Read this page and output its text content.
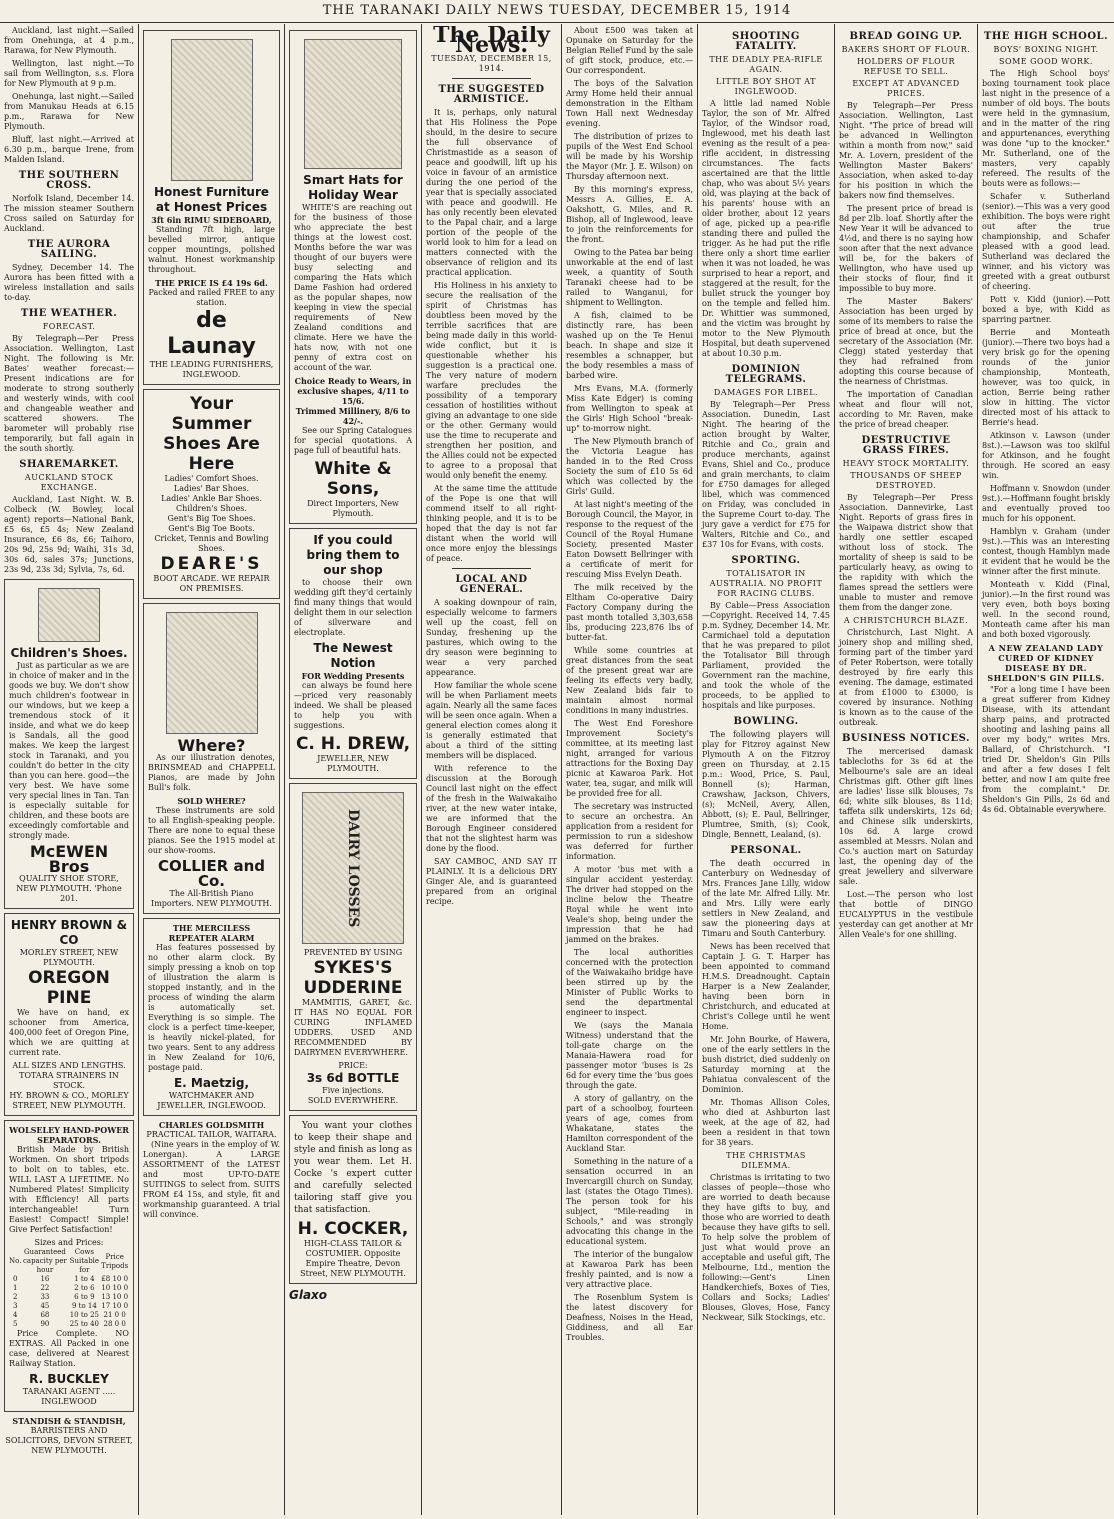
THE TARANAKI DAILY NEWS TUESDAY, DECEMBER 15, 1914

Auckland, last night.—Sailed from Onehunga, at 4 p.m., Rarawa, for New Plymouth.

Wellington, last night.—To sail from Wellington, s.s. Flora for New Plymouth at 9 p.m.

Onehunga, last night.—Sailed from Manukau Heads at 6.15 p.m., Rarawa for New Plymouth.

Bluff, last night.—Arrived at 6.30 p.m., barque Irene, from Malden Island.

THE SOUTHERN CROSS.

Norfolk Island, December 14. The mission steamer Southern Cross sailed on Saturday for Auckland.

THE AURORA SAILING.

Sydney, December 14. The Aurora has been fitted with a wireless installation and sails to-day.

THE WEATHER.
FORECAST.

By Telegraph—Per Press Association. Wellington, Last Night. The following is Mr. Bates' weather forecast:— Present indications are for moderate to strong southerly and westerly winds, with cool and changeable weather and scattered showers. The barometer will probably rise temporarily, but fall again in the south shortly.

SHAREMARKET.
AUCKLAND STOCK EXCHANGE.

Auckland, Last Night. W. B. Colbeck (W. Bowley, local agent) reports—National Bank, £5 6s, £5 4s; New Zealand Insurance, £6 8s, £6; Taihoro, 20s 9d, 25s 9d; Waihi, 31s 3d, 30s 6d, sales 37s; Junctions, 23s 9d, 23s 3d; Sylvia, 7s, 6d.

Children's Shoes.

Just as particular as we are in choice of maker and in the goods we buy. We don't show much children's footwear in our windows, but we keep a tremendous stock of it inside, and what we do keep is Sandals, all the good makes. We keep the largest stock in Taranaki, and you couldn't do better in the city than you can here. good—the very best. We have some very special lines in Tan. Tan is especially suitable for children, and these boots are exceedingly comfortable and strongly made.

McEWEN Bros
QUALITY SHOE STORE, NEW PLYMOUTH. 'Phone 201.
HENRY BROWN & CO
MORLEY STREET, NEW PLYMOUTH.
OREGON PINE

We have on hand, ex schooner from America, 400,000 feet of Oregon Pine, which we are quitting at current rate.

ALL SIZES AND LENGTHS.
TOTARA STRAINERS IN STOCK.
HY. BROWN & CO., MORLEY STREET, NEW PLYMOUTH.
WOLSELEY HAND-POWER SEPARATORS.

British Made by British Workmen. On short tripods to bolt on to tables, etc. WILL LAST A LIFETIME. No Numbered Plates! Simplicity with Efficiency! All parts interchangeable! Turn Easiest! Compact! Simple! Give Perfect Satisfaction!

Sizes and Prices:
No.	Guaranteed capacity per hour	Cows Suitable for	Price Tripods
0	16	1 to 4	£8 10 0
1	22	2 to 6	10 10 0
2	33	6 to 9	13 10 0
3	45	9 to 14	17 10 0
4	68	10 to 25	21 0 0
5	90	25 to 40	28 0 0

Price Complete. NO EXTRAS. All Packed in one case, delivered at Nearest Railway Station.

R. BUCKLEY
TARANAKI AGENT ..... INGLEWOOD
STANDISH & STANDISH,
BARRISTERS AND SOLICITORS, DEVON STREET, NEW PLYMOUTH.
Honest Furniture at Honest Prices
3ft 6in RIMU SIDEBOARD,

Standing 7ft high, large bevelled mirror, antique copper mountings, polished walnut. Honest workmanship throughout.

THE PRICE IS £4 19s 6d.
Packed and railed FREE to any station.
de Launay
THE LEADING FURNISHERS, INGLEWOOD.
Your Summer Shoes Are Here
Ladies' Comfort Shoes.
Ladies' Bar Shoes.
Ladies' Ankle Bar Shoes.
Children's Shoes.
Gent's Big Toe Shoes.
Gent's Big Toe Boots.
Cricket, Tennis and Bowling Shoes.
DEARE'S
BOOT ARCADE. WE REPAIR ON PREMISES.
Where?

As our illustration denotes, BRINSMEAD and CHAPPELL Pianos, are made by John Bull's folk.

SOLD WHERE?

These instruments are sold to all English-speaking people. There are none to equal these pianos. See the 1915 model at our show-rooms.

COLLIER and Co.
The All-British Piano Importers. NEW PLYMOUTH.
THE MERCILESS REPEATER ALARM

Has features possessed by no other alarm clock. By simply pressing a knob on top of illustration the alarm is stopped instantly, and in the process of winding the alarm is automatically set. Everything is so simple. The clock is a perfect time-keeper, is heavily nickel-plated, for two years. Sent to any address in New Zealand for 10/6, postage paid.

E. Maetzig,
WATCHMAKER AND JEWELLER, INGLEWOOD.
CHARLES GOLDSMITH
PRACTICAL TAILOR, WAITARA.

(Nine years in the employ of W. Lonergan). A LARGE ASSORTMENT of the LATEST and most UP-TO-DATE SUITINGS to select from. SUITS FROM £4 15s, and style, fit and workmanship guaranteed. A trial will convince.

Smart Hats for Holiday Wear

WHITE'S are reaching out for the business of those who appreciate the best things at the lowest cost. Months before the war was thought of our buyers were busy selecting and comparing the Hats which Dame Fashion had ordered as the popular shapes, now keeping in view the special requirements of New Zealand conditions and climate. Here we have the hats now, with not one penny of extra cost on account of the war.

Choice Ready to Wears, in exclusive shapes, 4/11 to 15/6.
Trimmed Millinery, 8/6 to 42/-.

See our Spring Catalogues for special quotations. A page full of beautiful hats.

White & Sons,
Direct Importers, New Plymouth.
If you could bring them to our shop

to choose their own wedding gift they'd certainly find many things that would delight them in our selection of silverware and electroplate.

The Newest Notion
FOR Wedding Presents

can always be found here—priced very reasonably indeed. We shall be pleased to help you with suggestions.

C. H. DREW,
JEWELLER, NEW PLYMOUTH.
DAIRY LOSSES
PREVENTED BY USING
SYKES'S
UDDERINE

MAMMITIS, GARET, &c. IT HAS NO EQUAL FOR CURING INFLAMED UDDERS. USED AND RECOMMENDED BY DAIRYMEN EVERYWHERE.

PRICE:
3s 6d BOTTLE
Five injections.
SOLD EVERYWHERE.

You want your clothes to keep their shape and style and finish as long as you wear them. Let H. Cocke 's expert cutter and carefully selected tailoring staff give you that satisfaction.

H. COCKER,
HIGH-CLASS TAILOR & COSTUMIER. Opposite Empire Theatre, Devon Street, NEW PLYMOUTH.
Glaxo
The Daily News.
TUESDAY, DECEMBER 15, 1914.
THE SUGGESTED ARMISTICE.

It is, perhaps, only natural that His Holiness the Pope should, in the desire to secure the full observance of Christmastide as a season of peace and goodwill, lift up his voice in favour of an armistice during the one period of the year that is specially associated with peace and goodwill. He has only recently been elevated to the Papal chair, and a large portion of the people of the world look to him for a lead on matters connected with the observance of religion and its practical application.

His Holiness in his anxiety to secure the realisation of the spirit of Christmas has doubtless been moved by the terrible sacrifices that are being made daily in this world-wide conflict, but it is questionable whether his suggestion is a practical one. The very nature of modern warfare precludes the possibility of a temporary cessation of hostilities without giving an advantage to one side or the other. Germany would use the time to recuperate and strengthen her position, and the Allies could not be expected to agree to a proposal that would only benefit the enemy.

At the same time the attitude of the Pope is one that will commend itself to all right-thinking people, and it is to be hoped that the day is not far distant when the world will once more enjoy the blessings of peace.

LOCAL AND GENERAL.

A soaking downpour of rain, especially welcome to farmers well up the coast, fell on Sunday, freshening up the pastures, which owing to the dry season were beginning to wear a very parched appearance.

How familiar the whole scene will be when Parliament meets again. Nearly all the same faces will be seen once again. When a general election comes along it is generally estimated that about a third of the sitting members will be displaced.

With reference to the discussion at the Borough Council last night on the effect of the fresh in the Waiwakaiho river, at the new water intake, we are informed that the Borough Engineer considered that not the slightest harm was done by the flood.

SAY CAMBOC, AND SAY IT PLAINLY. It is a delicious DRY Ginger Ale, and is guaranteed prepared from an original recipe.

About £500 was taken at Opunake on Saturday for the Belgian Relief Fund by the sale of gift stock, produce, etc.—Our correspondent.

The boys of the Salvation Army Home held their annual demonstration in the Eltham Town Hall next Wednesday evening.

The distribution of prizes to pupils of the West End School will be made by his Worship the Mayor (Mr. J. E. Wilson) on Thursday afternoon next.

By this morning's express, Messrs A. Gillies, E. A. Oakshott, G. Miles, and R. Bishop, all of Inglewood, leave to join the reinforcements for the front.

Owing to the Patea bar being unworkable at the end of last week, a quantity of South Taranaki cheese had to be railed to Wanganui, for shipment to Wellington.

A fish, claimed to be distinctly rare, has been washed up on the Te Henui beach. In shape and size it resembles a schnapper, but the body resembles a mass of barbed wire.

Mrs Evans, M.A. (formerly Miss Kate Edger) is coming from Wellington to speak at the Girls' High School "break-up" to-morrow night.

The New Plymouth branch of the Victoria League has handed in to the Red Cross Society the sum of £10 5s 6d which was collected by the Girls' Guild.

At last night's meeting of the Borough Council, the Mayor, in response to the request of the Council of the Royal Humane Society, presented Master Eaton Dowsett Bellringer with a certificate of merit for rescuing Miss Evelyn Death.

The milk received by the Eltham Co-operative Dairy Factory Company during the past month totalled 3,303,658 lbs, producing 223,876 lbs of butter-fat.

While some countries at great distances from the seat of the present great war are feeling its effects very badly, New Zealand bids fair to maintain almost normal conditions in many industries.

The West End Foreshore Improvement Society's committee, at its meeting last night, arranged for various attractions for the Boxing Day picnic at Kawaroa Park. Hot water, tea, sugar, and milk will be provided free for all.

The secretary was instructed to secure an orchestra. An application from a resident for permission to run a sideshow was deferred for further information.

A motor 'bus met with a singular accident yesterday. The driver had stopped on the incline below the Theatre Royal while he went into Veale's shop, being under the impression that he had jammed on the brakes.

The local authorities concerned with the protection of the Waiwakaiho bridge have been stirred up by the Minister of Public Works to send the departmental engineer to inspect.

We (says the Manaia Witness) understand that the toll-gate charge on the Manaia-Hawera road for passenger motor 'buses is 2s 6d for every time the 'bus goes through the gate.

A story of gallantry, on the part of a schoolboy, fourteen years of age, comes from Whakatane, states the Hamilton correspondent of the Auckland Star.

Something in the nature of a sensation occurred in an Invercargill church on Sunday, last (states the Otago Times). The person took for his subject, "Mile-reading in Schools," and was strongly advocating this change in the educational system.

The interior of the bungalow at Kawaroa Park has been freshly painted, and is now a very attractive place.

The Rosenblum System is the latest discovery for Deafness, Noises in the Head, Giddiness, and all Ear Troubles.

SHOOTING FATALITY.
THE DEADLY PEA-RIFLE AGAIN.
LITTLE BOY SHOT AT INGLEWOOD.

A little lad named Noble Taylor, the son of Mr. Alfred Taylor, of the Windsor road, Inglewood, met his death last evening as the result of a pea-rifle accident, in distressing circumstances. The facts ascertained are that the little chap, who was about 5½ years old, was playing at the back of his parents' house with an older brother, about 12 years of age, picked up a pea-rifle standing there and pulled the trigger. As he had put the rifle there only a short time earlier when it was not loaded, he was surprised to hear a report, and staggered at the result, for the bullet struck the younger boy on the temple and felled him. Dr. Whittier was summoned, and the victim was brought by motor to the New Plymouth Hospital, but death supervened at about 10.30 p.m.

DOMINION TELEGRAMS.
DAMAGES FOR LIBEL.

By Telegraph—Per Press Association. Dunedin, Last Night. The hearing of the action brought by Walter, Ritchie and Co., grain and produce merchants, against Evans, Shiel and Co., produce and grain merchants, to claim for £750 damages for alleged libel, which was commenced on Friday, was concluded in the Supreme Court to-day. The jury gave a verdict for £75 for Walters, Ritchie and Co., and £37 10s for Evans, with costs.

SPORTING.
TOTALISATOR IN AUSTRALIA. NO PROFIT FOR RACING CLUBS.

By Cable—Press Association—Copyright. Received 14, 7.45 p.m. Sydney, December 14. Mr. Carmichael told a deputation that he was prepared to pilot the Totalisator Bill through Parliament, provided the Government ran the machine, and took the whole of the proceeds, to be applied to hospitals and like purposes.

BOWLING.

The following players will play for Fitzroy against New Plymouth A on the Fitzroy green on Thursday, at 2.15 p.m.: Wood, Price, S. Paul, Bonnell (s); Harman, Crawshaw, Jackson, Chivers, (s); McNeil, Avery, Allen, Abbott, (s); E. Paul, Bellringer, Plumtree, Smith, (s); Cook, Dingle, Bennett, Lealand, (s).

PERSONAL.

The death occurred in Canterbury on Wednesday of Mrs. Frances Jane Lilly, widow of the late Mr. Alfred Lilly. Mr. and Mrs. Lilly were early settlers in New Zealand, and saw the pioneering days at Timaru and South Canterbury.

News has been received that Captain J. G. T. Harper has been appointed to command H.M.S. Dreadnought. Captain Harper is a New Zealander, having been born in Christchurch, and educated at Christ's College until he went Home.

Mr. John Bourke, of Hawera, one of the early settlers in the bush district, died suddenly on Saturday morning at the Pahiatua convalescent of the Dominion.

Mr. Thomas Allison Coles, who died at Ashburton last week, at the age of 82, had been a resident in that town for 38 years.

THE CHRISTMAS DILEMMA.

Christmas is irritating to two classes of people—those who are worried to death because they have gifts to buy, and those who are worried to death because they have gifts to sell. To help solve the problem of just what would prove an acceptable and useful gift, The Melbourne, Ltd., mention the following:—Gent's Linen Handkerchiefs, Boxes of Ties, Collars and Socks; Ladies' Blouses, Gloves, Hose, Fancy Neckwear, Silk Stockings, etc.

BREAD GOING UP.
BAKERS SHORT OF FLOUR.
HOLDERS OF FLOUR REFUSE TO SELL.
EXCEPT AT ADVANCED PRICES.

By Telegraph—Per Press Association. Wellington, Last Night. "The price of bread will be advanced in Wellington within a month from now," said Mr. A. Lovern, president of the Wellington Master Bakers' Association, when asked to-day for his position in which the bakers now find themselves.

The present price of bread is 8d per 2lb. loaf. Shortly after the New Year it will be advanced to 4½d, and there is no saying how soon after that the next advance will be, for the bakers of Wellington, who have used up their stocks of flour, find it impossible to buy more.

The Master Bakers' Association has been urged by some of its members to raise the price of bread at once, but the secretary of the Association (Mr. Clegg) stated yesterday that they had refrained from adopting this course because of the nearness of Christmas.

The importation of Canadian wheat and flour will not, according to Mr. Raven, make the price of bread cheaper.

DESTRUCTIVE GRASS FIRES.
HEAVY STOCK MORTALITY.
THOUSANDS OF SHEEP DESTROYED.

By Telegraph—Per Press Association. Dannevirke, Last Night. Reports of grass fires in the Waipawa district show that hardly one settler escaped without loss of stock. The mortality of sheep is said to be particularly heavy, as owing to the rapidity with which the flames spread the settlers were unable to muster and remove them from the danger zone.

A CHRISTCHURCH BLAZE.

Christchurch, Last Night. A joinery shop and milling shed, forming part of the timber yard of Peter Robertson, were totally destroyed by fire early this evening. The damage, estimated at from £1000 to £3000, is covered by insurance. Nothing is known as to the cause of the outbreak.

BUSINESS NOTICES.

The mercerised damask tablecloths for 3s 6d at the Melbourne's sale are an ideal Christmas gift. Other gift lines are ladies' lisse silk blouses, 7s 6d; white silk blouses, 8s 11d; taffeta silk underskirts, 12s 6d; and Chinese silk underskirts, 10s 6d. A large crowd assembled at Messrs. Nolan and Co.'s auction mart on Saturday last, the opening day of the great jewellery and silverware sale.

Lost.—The person who lost that bottle of DINGO EUCALYPTUS in the vestibule yesterday can get another at Mr Allen Veale's for one shilling.

THE HIGH SCHOOL.
BOYS' BOXING NIGHT.
SOME GOOD WORK.

The High School boys' boxing tournament took place last night in the presence of a number of old boys. The bouts were held in the gymnasium, and in the matter of the ring and appurtenances, everything was done "up to the knocker." Mr. Sutherland, one of the masters, very capably refereed. The results of the bouts were as follows:—

Schafer v. Sutherland (senior).—This was a very good exhibition. The boys were right out after the true championship, and Schafer pleased with a good lead. Sutherland was declared the winner, and his victory was greeted with a great outburst of cheering.

Pott v. Kidd (junior).—Pott boxed a bye, with Kidd as sparring partner.

Berrie and Monteath (junior).—There two boys had a very brisk go for the opening rounds of the junior championship, Monteath, however, was too quick, in action, Berrie being rather slow in hitting. The victor directed most of his attack to Berrie's head.

Atkinson v. Lawson (under 8st.).—Lawson was too skilful for Atkinson, and he fought through. He scored an easy win.

Hoffmann v. Snowdon (under 9st.).—Hoffmann fought briskly and eventually proved too much for his opponent.

Hamblyn v. Graham (under 9st.).—This was an interesting contest, though Hamblyn made it evident that he would be the winner after the first minute.

Monteath v. Kidd (Final, junior).—In the first round was very even, both boys boxing well. In the second round, Monteath came after his man and both boxed vigorously.

A NEW ZEALAND LADY CURED OF KIDNEY DISEASE BY DR. SHELDON'S GIN PILLS.

"For a long time I have been a great sufferer from Kidney Disease, with its attendant sharp pains, and protracted shooting and lashing pains all over my body," writes Mrs. Ballard, of Christchurch. "I tried Dr. Sheldon's Gin Pills and after a few doses I felt better, and now I am quite free from the complaint." Dr. Sheldon's Gin Pills, 2s 6d and 4s 6d. Obtainable everywhere.
